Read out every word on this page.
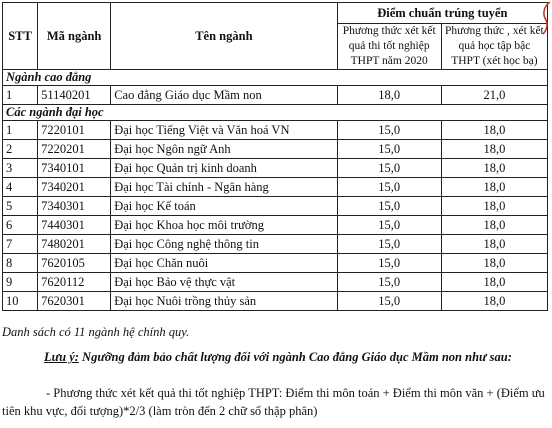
STT	Mã ngành	Tên ngành	Điểm chuẩn trúng tuyển	
			Phương thức xét kết quả thi tốt nghiệp THPT năm 2020	Phương thức , xét kết quả học tập bậc THPT (xét học bạ)
Ngành cao đẳng				
1	51140201	Cao đẳng Giáo dục Mầm non	18,0	21,0
Các ngành đại học				
1	7220101	Đại học Tiếng Việt và Văn hoá VN	15,0	18,0
2	7220201	Đại học Ngôn ngữ Anh	15,0	18,0
3	7340101	Đại học Quản trị kinh doanh	15,0	18,0
4	7340201	Đại học Tài chính - Ngân hàng	15,0	18,0
5	7340301	Đại học Kế toán	15,0	18,0
6	7440301	Đại học Khoa học môi trường	15,0	18,0
7	7480201	Đại học Công nghệ thông tin	15,0	18,0
8	7620105	Đại học Chăn nuôi	15,0	18,0
9	7620112	Đại học Bảo vệ thực vật	15,0	18,0
10	7620301	Đại học Nuôi trồng thủy sản	15,0	18,0
Danh sách có 11 ngành hệ chính quy.
Lưu ý: Ngưỡng đảm bảo chất lượng đối với ngành Cao đẳng Giáo dục Mầm non như sau:
- Phương thức xét kết quả thi tốt nghiệp THPT: Điểm thi môn toán + Điểm thi môn văn + (Điểm ưu tiên khu vực, đối tượng)*2/3 (làm tròn đến 2 chữ số thập phân)
